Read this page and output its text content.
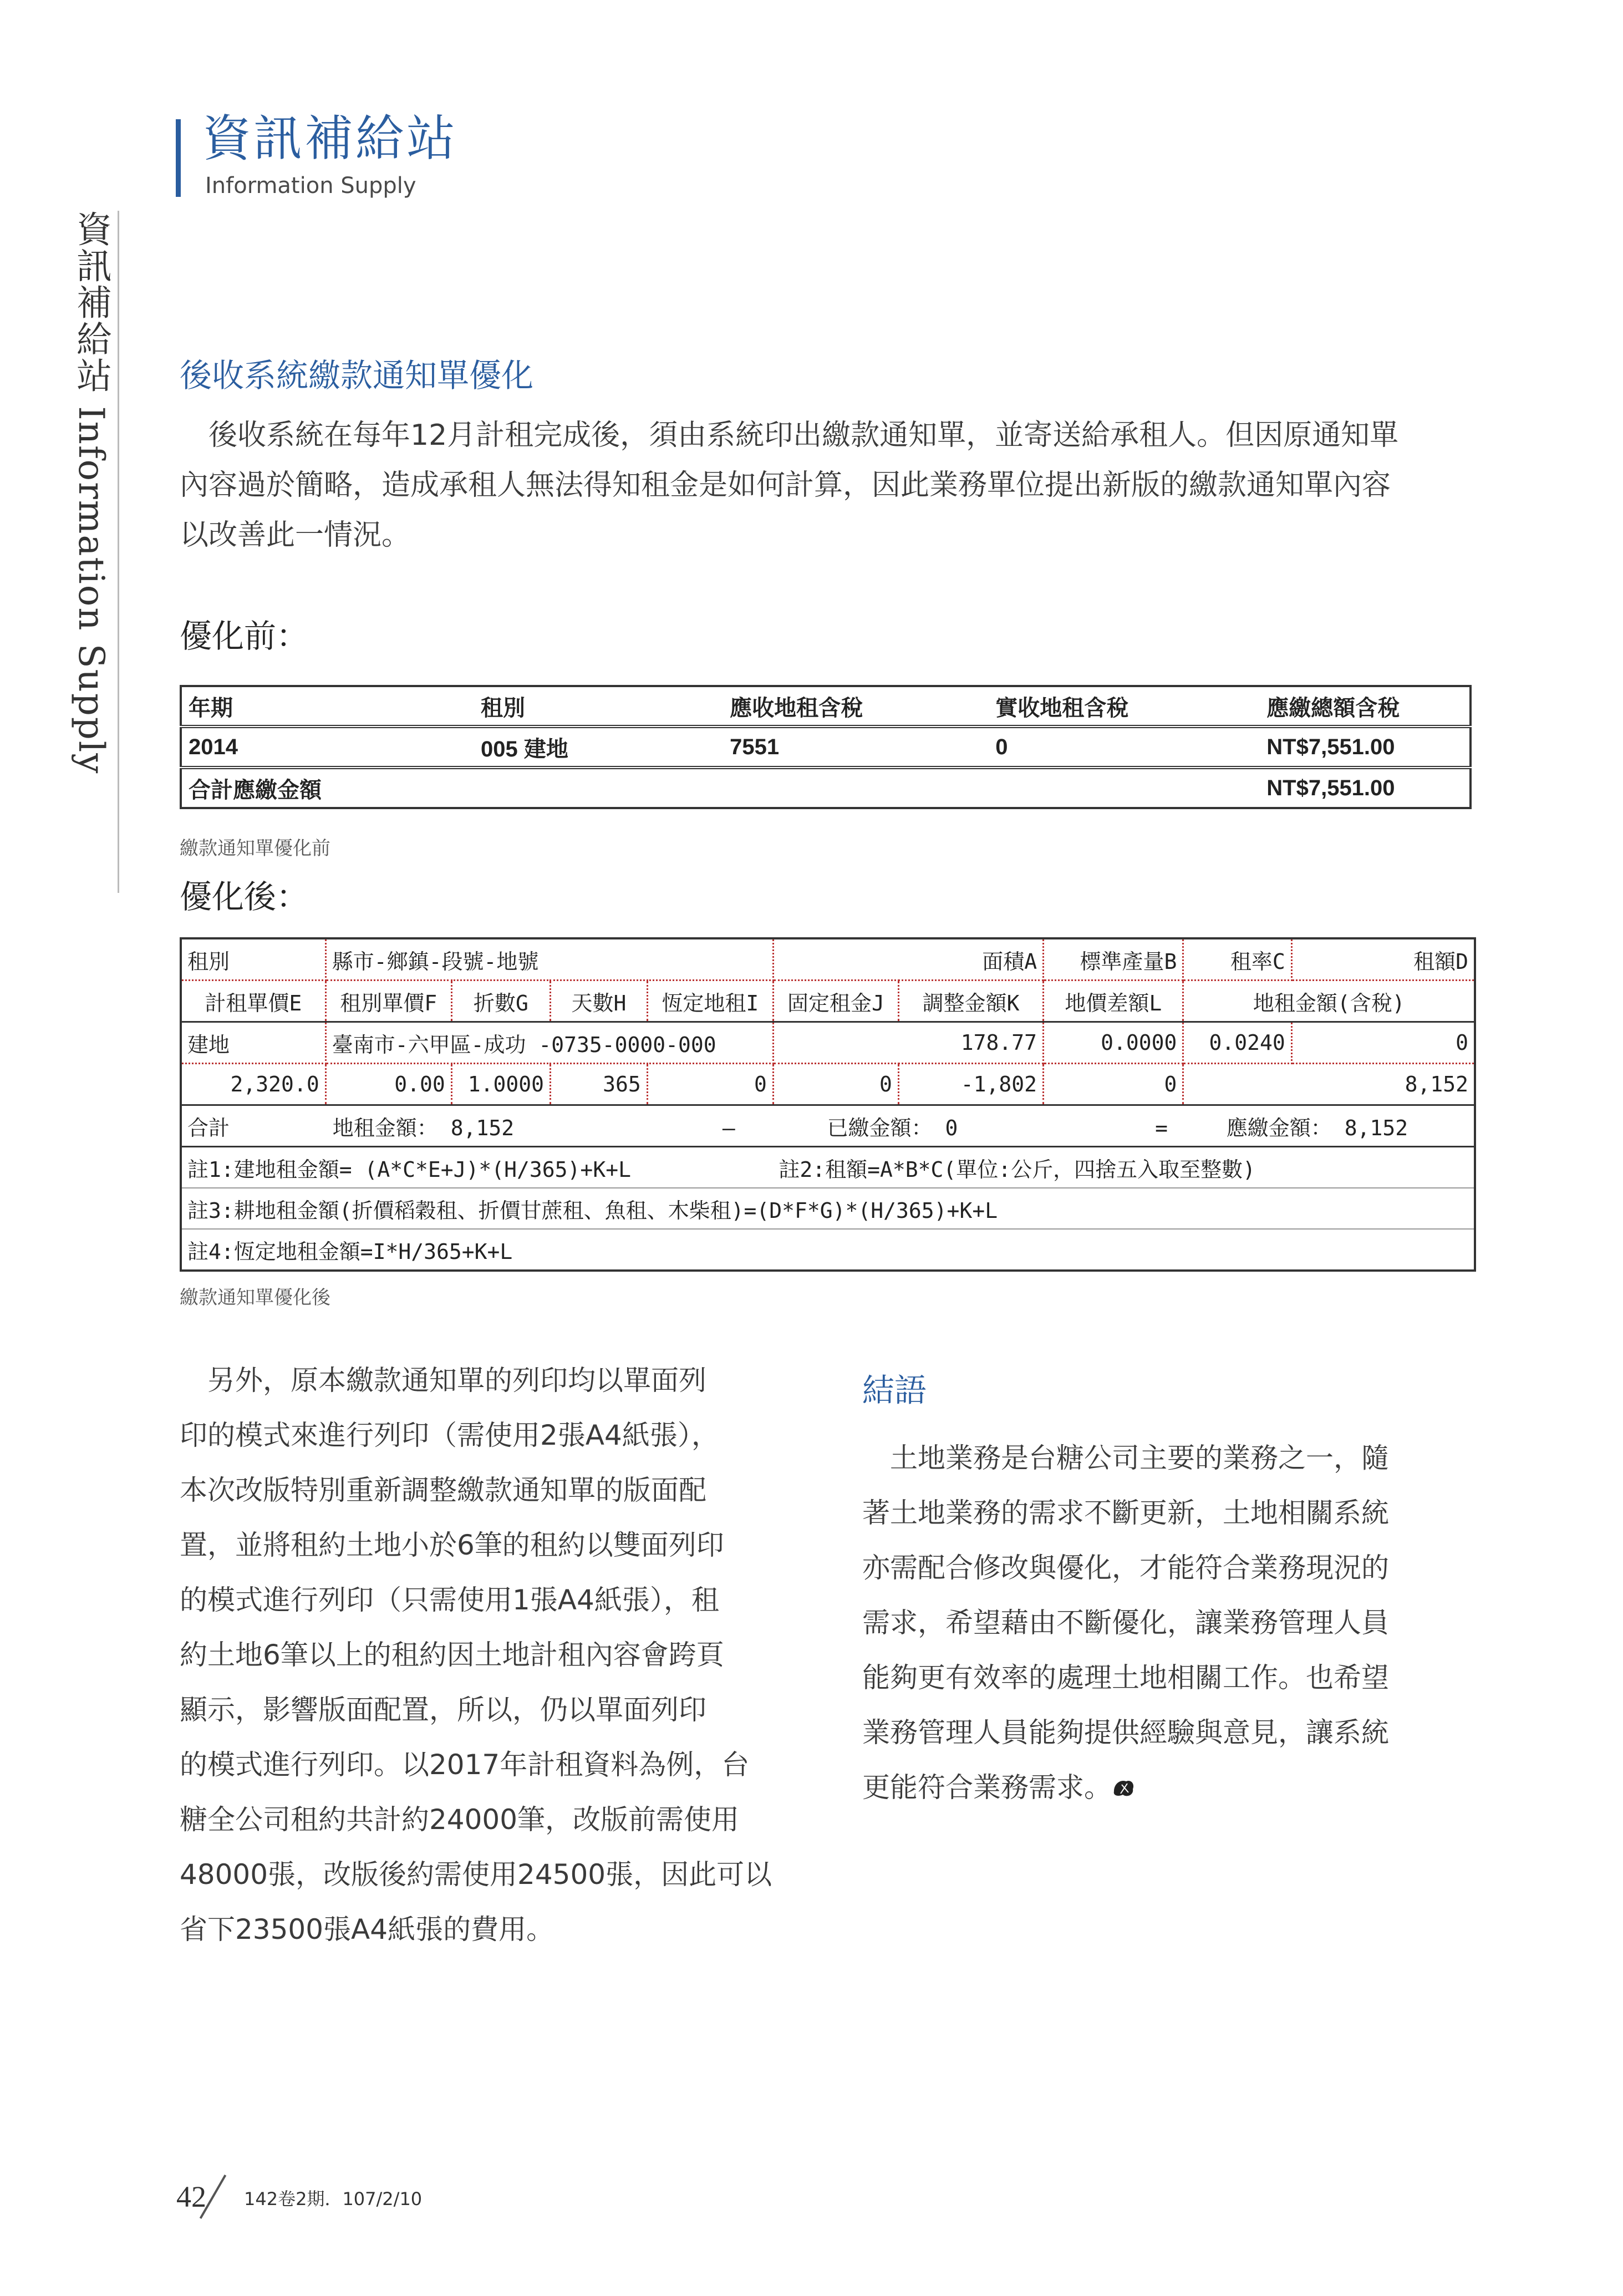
資訊補給站
Information Supply
資訊補給站 Information Supply 後收系統繳款通知單優化
　後收系統在每年12月計租完成後，須由系統印出繳款通知單，並寄送給承租人。但因原通知單
內容過於簡略，造成承租人無法得知租金是如何計算，因此業務單位提出新版的繳款通知單內容
以改善此一情況。
優化前：
年期	租別	應收地租含稅	實收地租含稅	應繳總額含稅
2014	005 建地	7551	0	NT$7,551.00
合計應繳金額				NT$7,551.00
繳款通知單優化前
優化後：
租別	縣市-鄉鎮-段號-地號				面積A		標準產量B	租率C	租額D
計租單價E	租別單價F	折數G	天數H	恆定地租I	固定租金J	調整金額K	地價差額L	地租金額(含稅)	
建地	臺南市-六甲區-成功 -0735-0000-000				178.77		0.0000	0.0240	0
2,320.0	0.00	1.0000	365	0	0	-1,802	0	8,152	
合計 地租金額： 8,152 — 已繳金額： 0 = 應繳金額： 8,152									
註1:建地租金額= (A*C*E+J)*(H/365)+K+L					註2:租額=A*B*C(單位:公斤，四捨五入取至整數)				
註3:耕地租金額(折價稻穀租、折價甘蔗租、魚租、木柴租)=(D*F*G)*(H/365)+K+L									
註4:恆定地租金額=I*H/365+K+L									
繳款通知單優化後
　另外，原本繳款通知單的列印均以單面列
印的模式來進行列印（需使用2張A4紙張），
本次改版特別重新調整繳款通知單的版面配
置，並將租約土地小於6筆的租約以雙面列印
的模式進行列印（只需使用1張A4紙張），租
約土地6筆以上的租約因土地計租內容會跨頁
顯示，影響版面配置，所以，仍以單面列印
的模式進行列印。以2017年計租資料為例，台
糖全公司租約共計約24000筆，改版前需使用
48000張，改版後約需使用24500張，因此可以
省下23500張A4紙張的費用。
結語
　土地業務是台糖公司主要的業務之一，隨
著土地業務的需求不斷更新，土地相關系統
亦需配合修改與優化，才能符合業務現況的
需求，希望藉由不斷優化，讓業務管理人員
能夠更有效率的處理土地相關工作。也希望
業務管理人員能夠提供經驗與意見，讓系統
更能符合業務需求。
42 142卷2期．107/2/10
